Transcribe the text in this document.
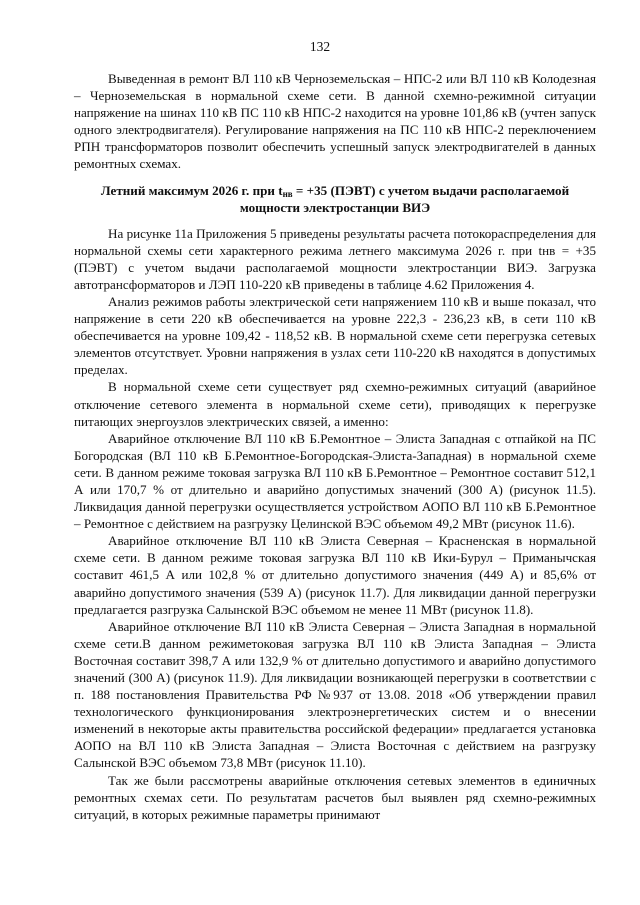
132

Выведенная в ремонт ВЛ 110 кВ Черноземельская – НПС-2 или ВЛ 110 кВ Колодезная – Черноземельская в нормальной схеме сети. В данной схемно-режимной ситуации напряжение на шинах 110 кВ ПС 110 кВ НПС-2 находится на уровне 101,86 кВ (учтен запуск одного электродвигателя). Регулирование напряжения на ПС 110 кВ НПС-2 переключением РПН трансформаторов позволит обеспечить успешный запуск электродвигателей в данных ремонтных схемах.

Летний максимум 2026 г. при $t_{нв} = +35$ (ПЭВТ) с учетом выдачи располагаемой мощности электростанции ВИЭ

На рисунке 11а Приложения 5 приведены результаты расчета потокораспределения для нормальной схемы сети характерного режима летнего максимума 2026 г. при tнв = +35 (ПЭВТ) с учетом выдачи располагаемой мощности электростанции ВИЭ. Загрузка автотрансформаторов и ЛЭП 110-220 кВ приведены в таблице 4.62 Приложения 4.

Анализ режимов работы электрической сети напряжением 110 кВ и выше показал, что напряжение в сети 220 кВ обеспечивается на уровне 222,3 - 236,23 кВ, в сети 110 кВ обеспечивается на уровне 109,42 - 118,52 кВ. В нормальной схеме сети перегрузка сетевых элементов отсутствует. Уровни напряжения в узлах сети 110-220 кВ находятся в допустимых пределах.

В нормальной схеме сети существует ряд схемно-режимных ситуаций (аварийное отключение сетевого элемента в нормальной схеме сети), приводящих к перегрузке питающих энергоузлов электрических связей, а именно:

Аварийное отключение ВЛ 110 кВ Б.Ремонтное – Элиста Западная с отпайкой на ПС Богородская (ВЛ 110 кВ Б.Ремонтное-Богородская-Элиста-Западная) в нормальной схеме сети. В данном режиме токовая загрузка ВЛ 110 кВ Б.Ремонтное – Ремонтное составит 512,1 А или 170,7 % от длительно и аварийно допустимых значений (300 А) (рисунок 11.5). Ликвидация данной перегрузки осуществляется устройством АОПО ВЛ 110 кВ Б.Ремонтное – Ремонтное с действием на разгрузку Целинской ВЭС объемом 49,2 МВт (рисунок 11.6).

Аварийное отключение ВЛ 110 кВ Элиста Северная – Красненская в нормальной схеме сети. В данном режиме токовая загрузка ВЛ 110 кВ Ики-Бурул – Приманычская составит 461,5 А или 102,8 % от длительно допустимого значения (449 А) и 85,6% от аварийно допустимого значения (539 А) (рисунок 11.7). Для ликвидации данной перегрузки предлагается разгрузка Салынской ВЭС объемом не менее 11 МВт (рисунок 11.8).

Аварийное отключение ВЛ 110 кВ Элиста Северная – Элиста Западная в нормальной схеме сети.В данном режиметоковая загрузка ВЛ 110 кВ Элиста Западная – Элиста Восточная составит 398,7 А или 132,9 % от длительно допустимого и аварийно допустимого значений (300 А) (рисунок 11.9). Для ликвидации возникающей перегрузки в соответствии с п. 188 постановления Правительства РФ №937 от 13.08. 2018 «Об утверждении правил технологического функционирования электроэнергетических систем и о внесении изменений в некоторые акты правительства российской федерации» предлагается установка АОПО на ВЛ 110 кВ Элиста Западная – Элиста Восточная с действием на разгрузку Салынской ВЭС объемом 73,8 МВт (рисунок 11.10).

Так же были рассмотрены аварийные отключения сетевых элементов в единичных ремонтных схемах сети. По результатам расчетов был выявлен ряд схемно-режимных ситуаций, в которых режимные параметры принимают
